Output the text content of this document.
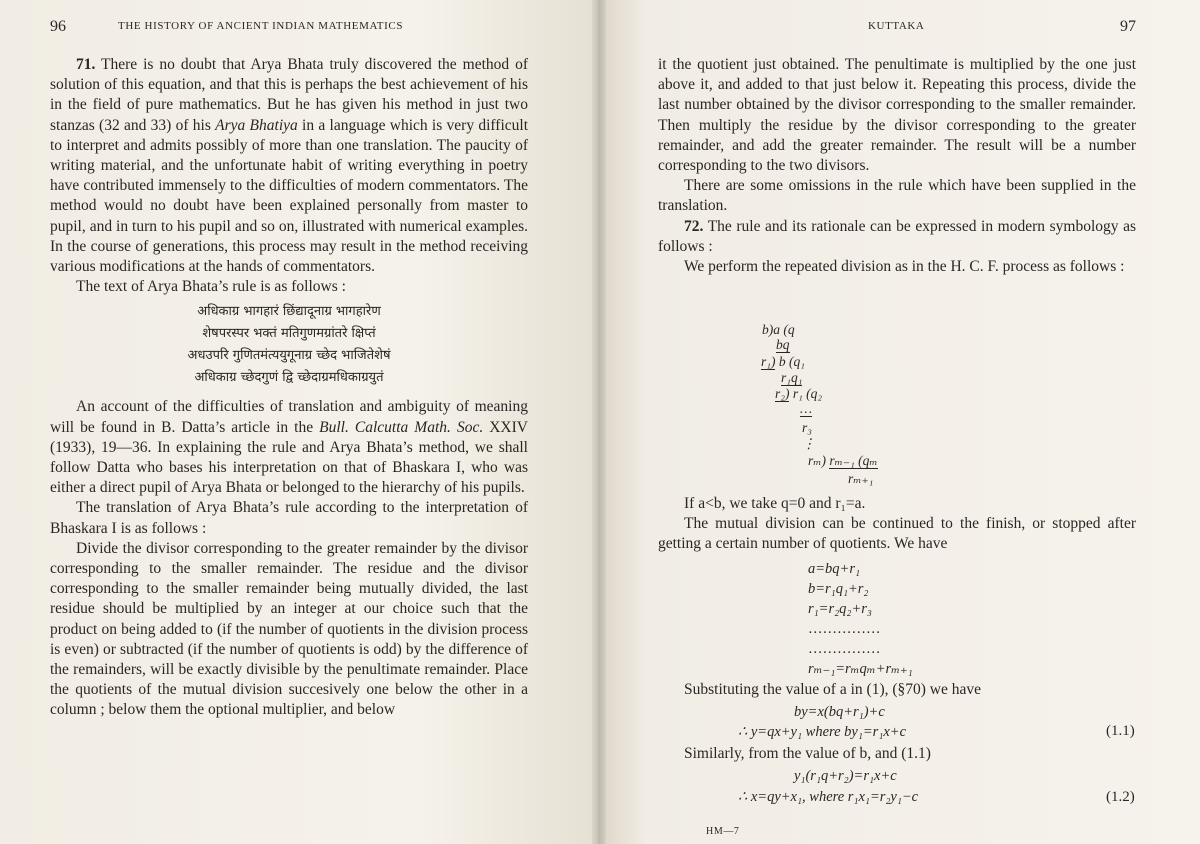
96	THE HISTORY OF ANCIENT INDIAN MATHEMATICS

71. There is no doubt that Arya Bhata truly discovered the method of solution of this equation, and that this is perhaps the best achievement of his in the field of pure mathematics. But he has given his method in just two stanzas (32 and 33) of his Arya Bhatiya in a language which is very difficult to interpret and admits possibly of more than one translation. The paucity of writing material, and the unfortunate habit of writing everything in poetry have contributed immensely to the difficulties of modern commentators. The method would no doubt have been explained personally from master to pupil, and in turn to his pupil and so on, illustrated with numerical examples. In the course of generations, this process may result in the method receiving various modifications at the hands of commentators.

The text of Arya Bhata’s rule is as follows :

अधिकाग्र भागहारं छिंद्यादूनाग्र भागहारेण
शेषपरस्पर भक्तं मतिगुणमग्रांतरे क्षिप्तं
अधउपरि गुणितमंत्ययुगूनाग्र च्छेद भाजितेशेषं
अधिकाग्र च्छेदगुणं द्वि च्छेदाग्रमधिकाग्रयुतं

An account of the difficulties of translation and ambiguity of meaning will be found in B. Datta’s article in the Bull. Calcutta Math. Soc. XXIV (1933), 19—36. In explaining the rule and Arya Bhata’s method, we shall follow Datta who bases his interpretation on that of Bhaskara I, who was either a direct pupil of Arya Bhata or belonged to the hierarchy of his pupils.

The translation of Arya Bhata’s rule according to the interpretation of Bhaskara I is as follows :

Divide the divisor corresponding to the greater remainder by the divisor corresponding to the smaller remainder. The residue and the divisor corresponding to the smaller remainder being mutually divided, the last residue should be multiplied by an integer at our choice such that the product on being added to (if the number of quotients in the division process is even) or subtracted (if the number of quotients is odd) by the difference of the remainders, will be exactly divisible by the penultimate remainder. Place the quotients of the mutual division succesively one below the other in a column ; below them the optional multiplier, and below

KUTTAKA	97

it the quotient just obtained. The penultimate is multiplied by the one just above it, and added to that just below it. Repeating this process, divide the last number obtained by the divisor corresponding to the smaller remainder. Then multiply the residue by the divisor corresponding to the greater remainder, and add the greater remainder. The result will be a number corresponding to the two divisors.

There are some omissions in the rule which have been supplied in the translation.

72. The rule and its rationale can be expressed in modern symbology as follows :

We perform the repeated division as in the H. C. F. process as follows :

b)a (q
bq
r₁) b (q₁
r₁q₁
r₂) r₁ (q₂
…
r₃
⋮
rₘ) rₘ₋₁ (qₘ
rₘ₊₁

If a<b, we take q=0 and r₁=a.

The mutual division can be continued to the finish, or stopped after getting a certain number of quotients. We have

a=bq+r₁
b=r₁q₁+r₂
r₁=r₂q₂+r₃
……………
……………
rₘ₋₁=rₘqₘ+rₘ₊₁

Substituting the value of a in (1), (§70) we have

by=x(bq+r₁)+c
∴ y=qx+y₁ where by₁=r₁x+c	(1.1)

Similarly, from the value of b, and (1.1)

y₁(r₁q+r₂)=r₁x+c
∴ x=qy+x₁, where r₁x₁=r₂y₁−c	(1.2)
HM—7
